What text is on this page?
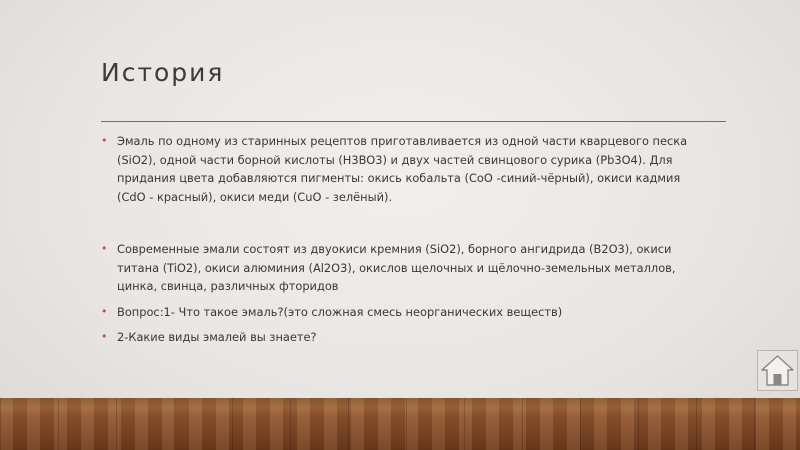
История
• Эмаль по одному из старинных рецептов приготавливается из одной части кварцевого песка (SiO2), одной части борной кислоты (H3BO3) и двух частей свинцового сурика (Pb3O4). Для придания цвета добавляются пигменты: окись кобальта (CoO -синий-чёрный), окиси кадмия (CdO - красный), окиси меди (CuO - зелёный).
• Современные эмали состоят из двуокиси кремния (SiO2), борного ангидрида (B2O3), окиси титана (TiO2), окиси алюминия (Al2O3), окислов щелочных и щёлочно-земельных металлов, цинка, свинца, различных фторидов
• Вопрос:1- Что такое эмаль?(это сложная смесь неорганических веществ)
• 2-Какие виды эмалей вы знаете?
